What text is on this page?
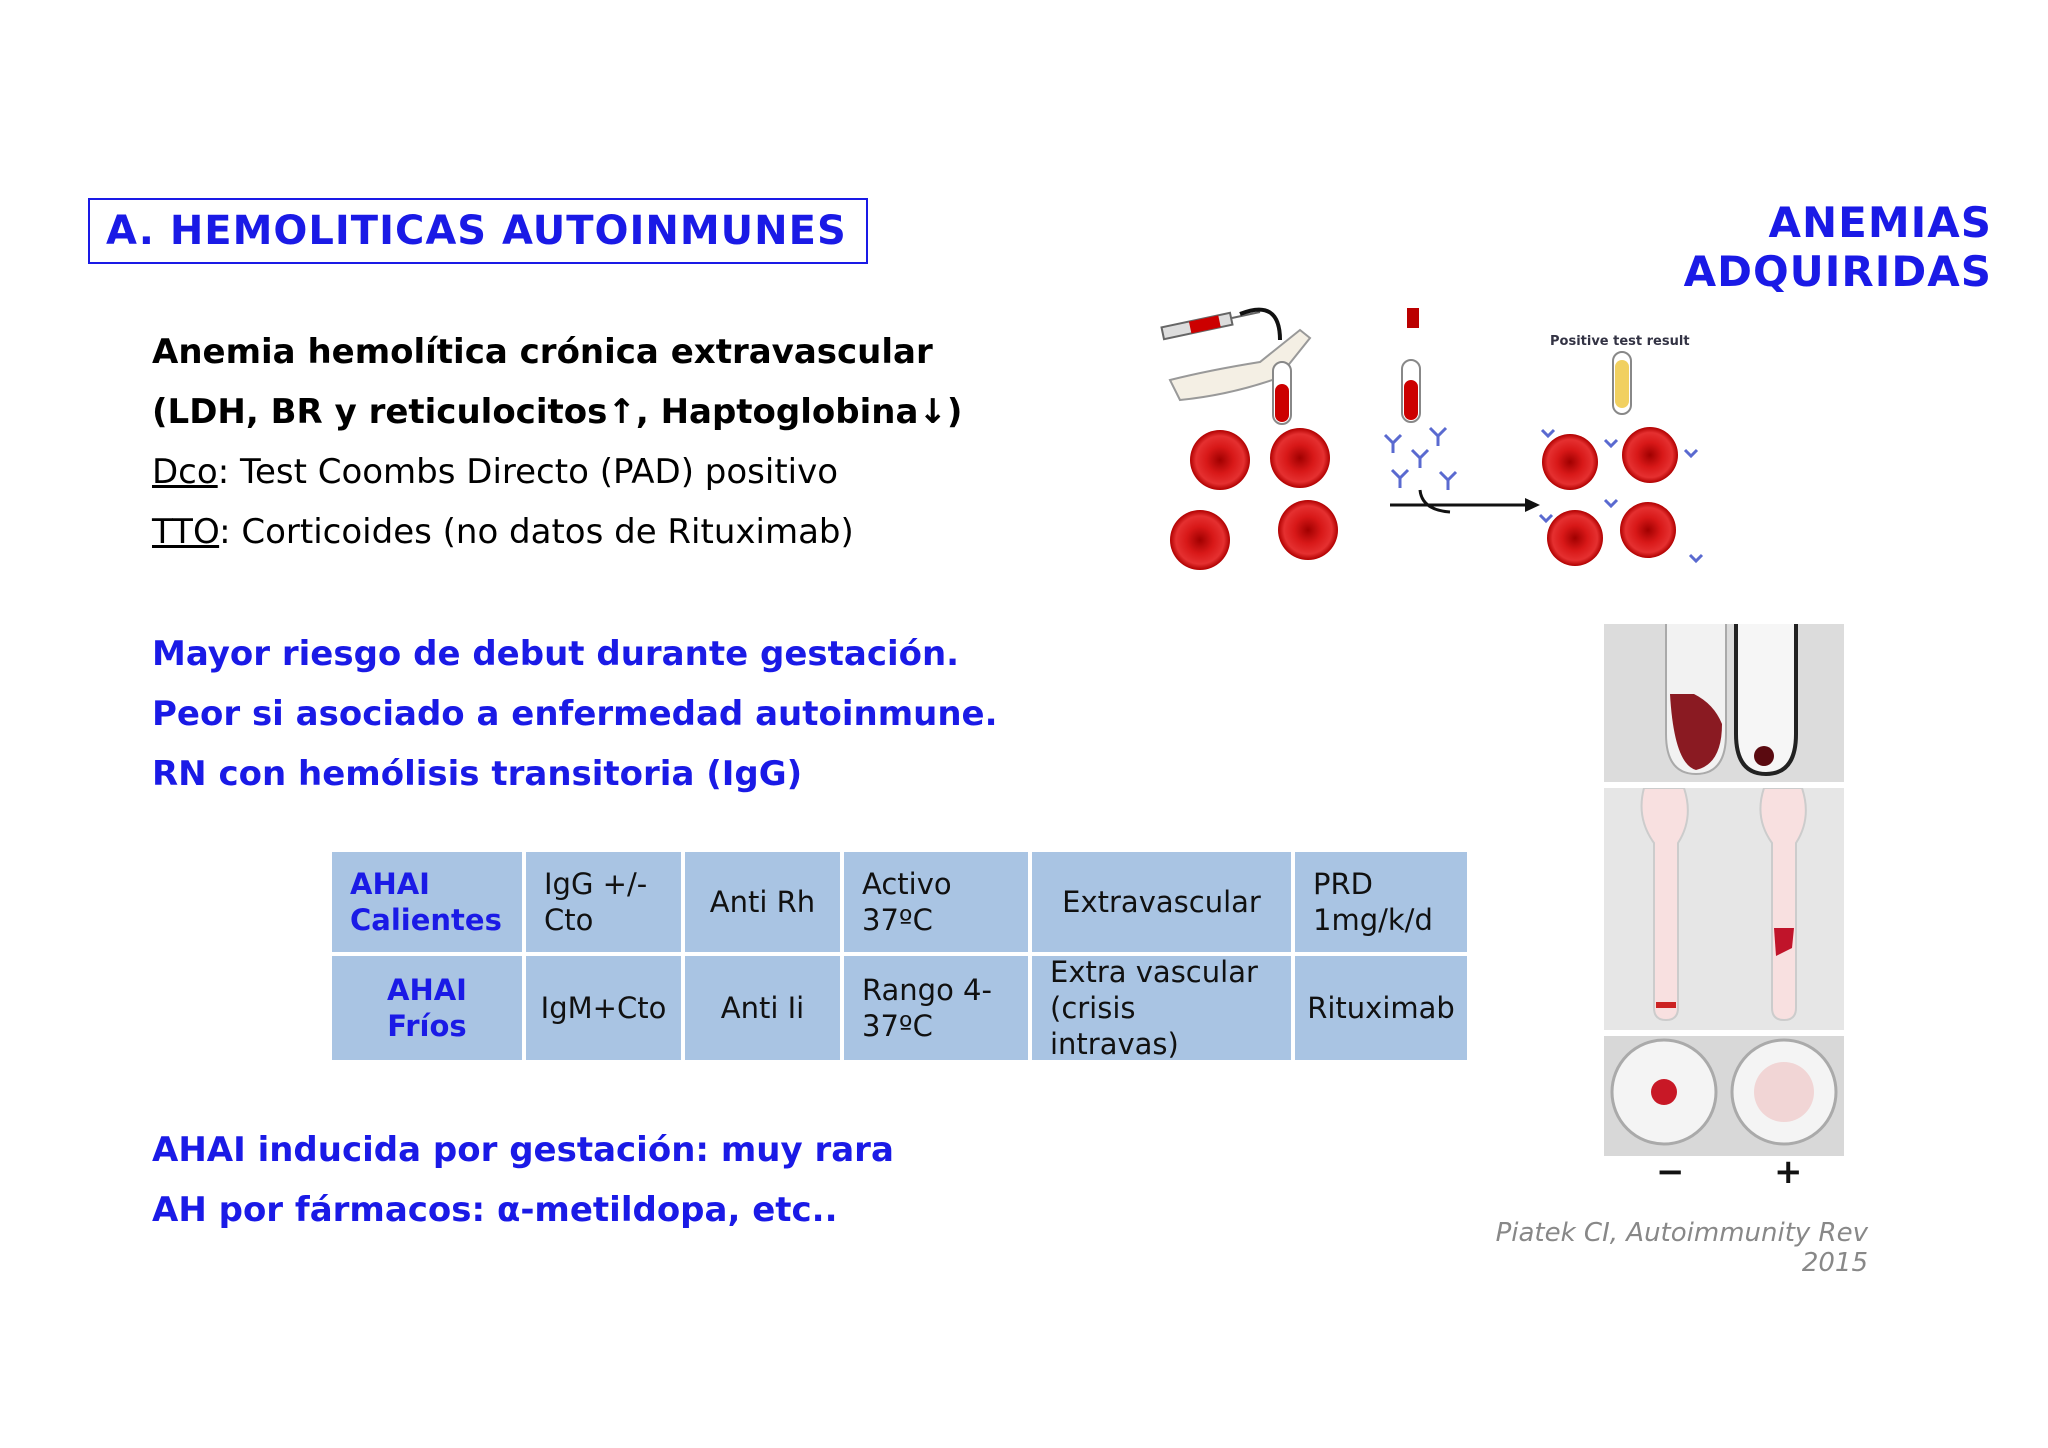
A. HEMOLITICAS AUTOINMUNES	ANEMIAS ADQUIRIDAS
Anemia hemolítica crónica extravascular
(LDH, BR y reticulocitos↑, Haptoglobina↓)
Dco: Test Coombs Directo (PAD) positivo
TTO: Corticoides (no datos de Rituximab)
Mayor riesgo de debut durante gestación.
Peor si asociado a enfermedad autoinmune.
RN con hemólisis transitoria (IgG)
AHAI
Calientes
IgG +/-
Cto
Anti Rh
Activo
37ºC
Extravascular
PRD
1mg/k/d
AHAI
Fríos
IgM+Cto	Anti Ii
Rango 4-
37ºC
Extra vascular
(crisis intravas)
Rituximab
AHAI inducida por gestación: muy rara
AH por fármacos: α-metildopa, etc..
Positive test result
−	+
Piatek CI, Autoimmunity Rev 2015
